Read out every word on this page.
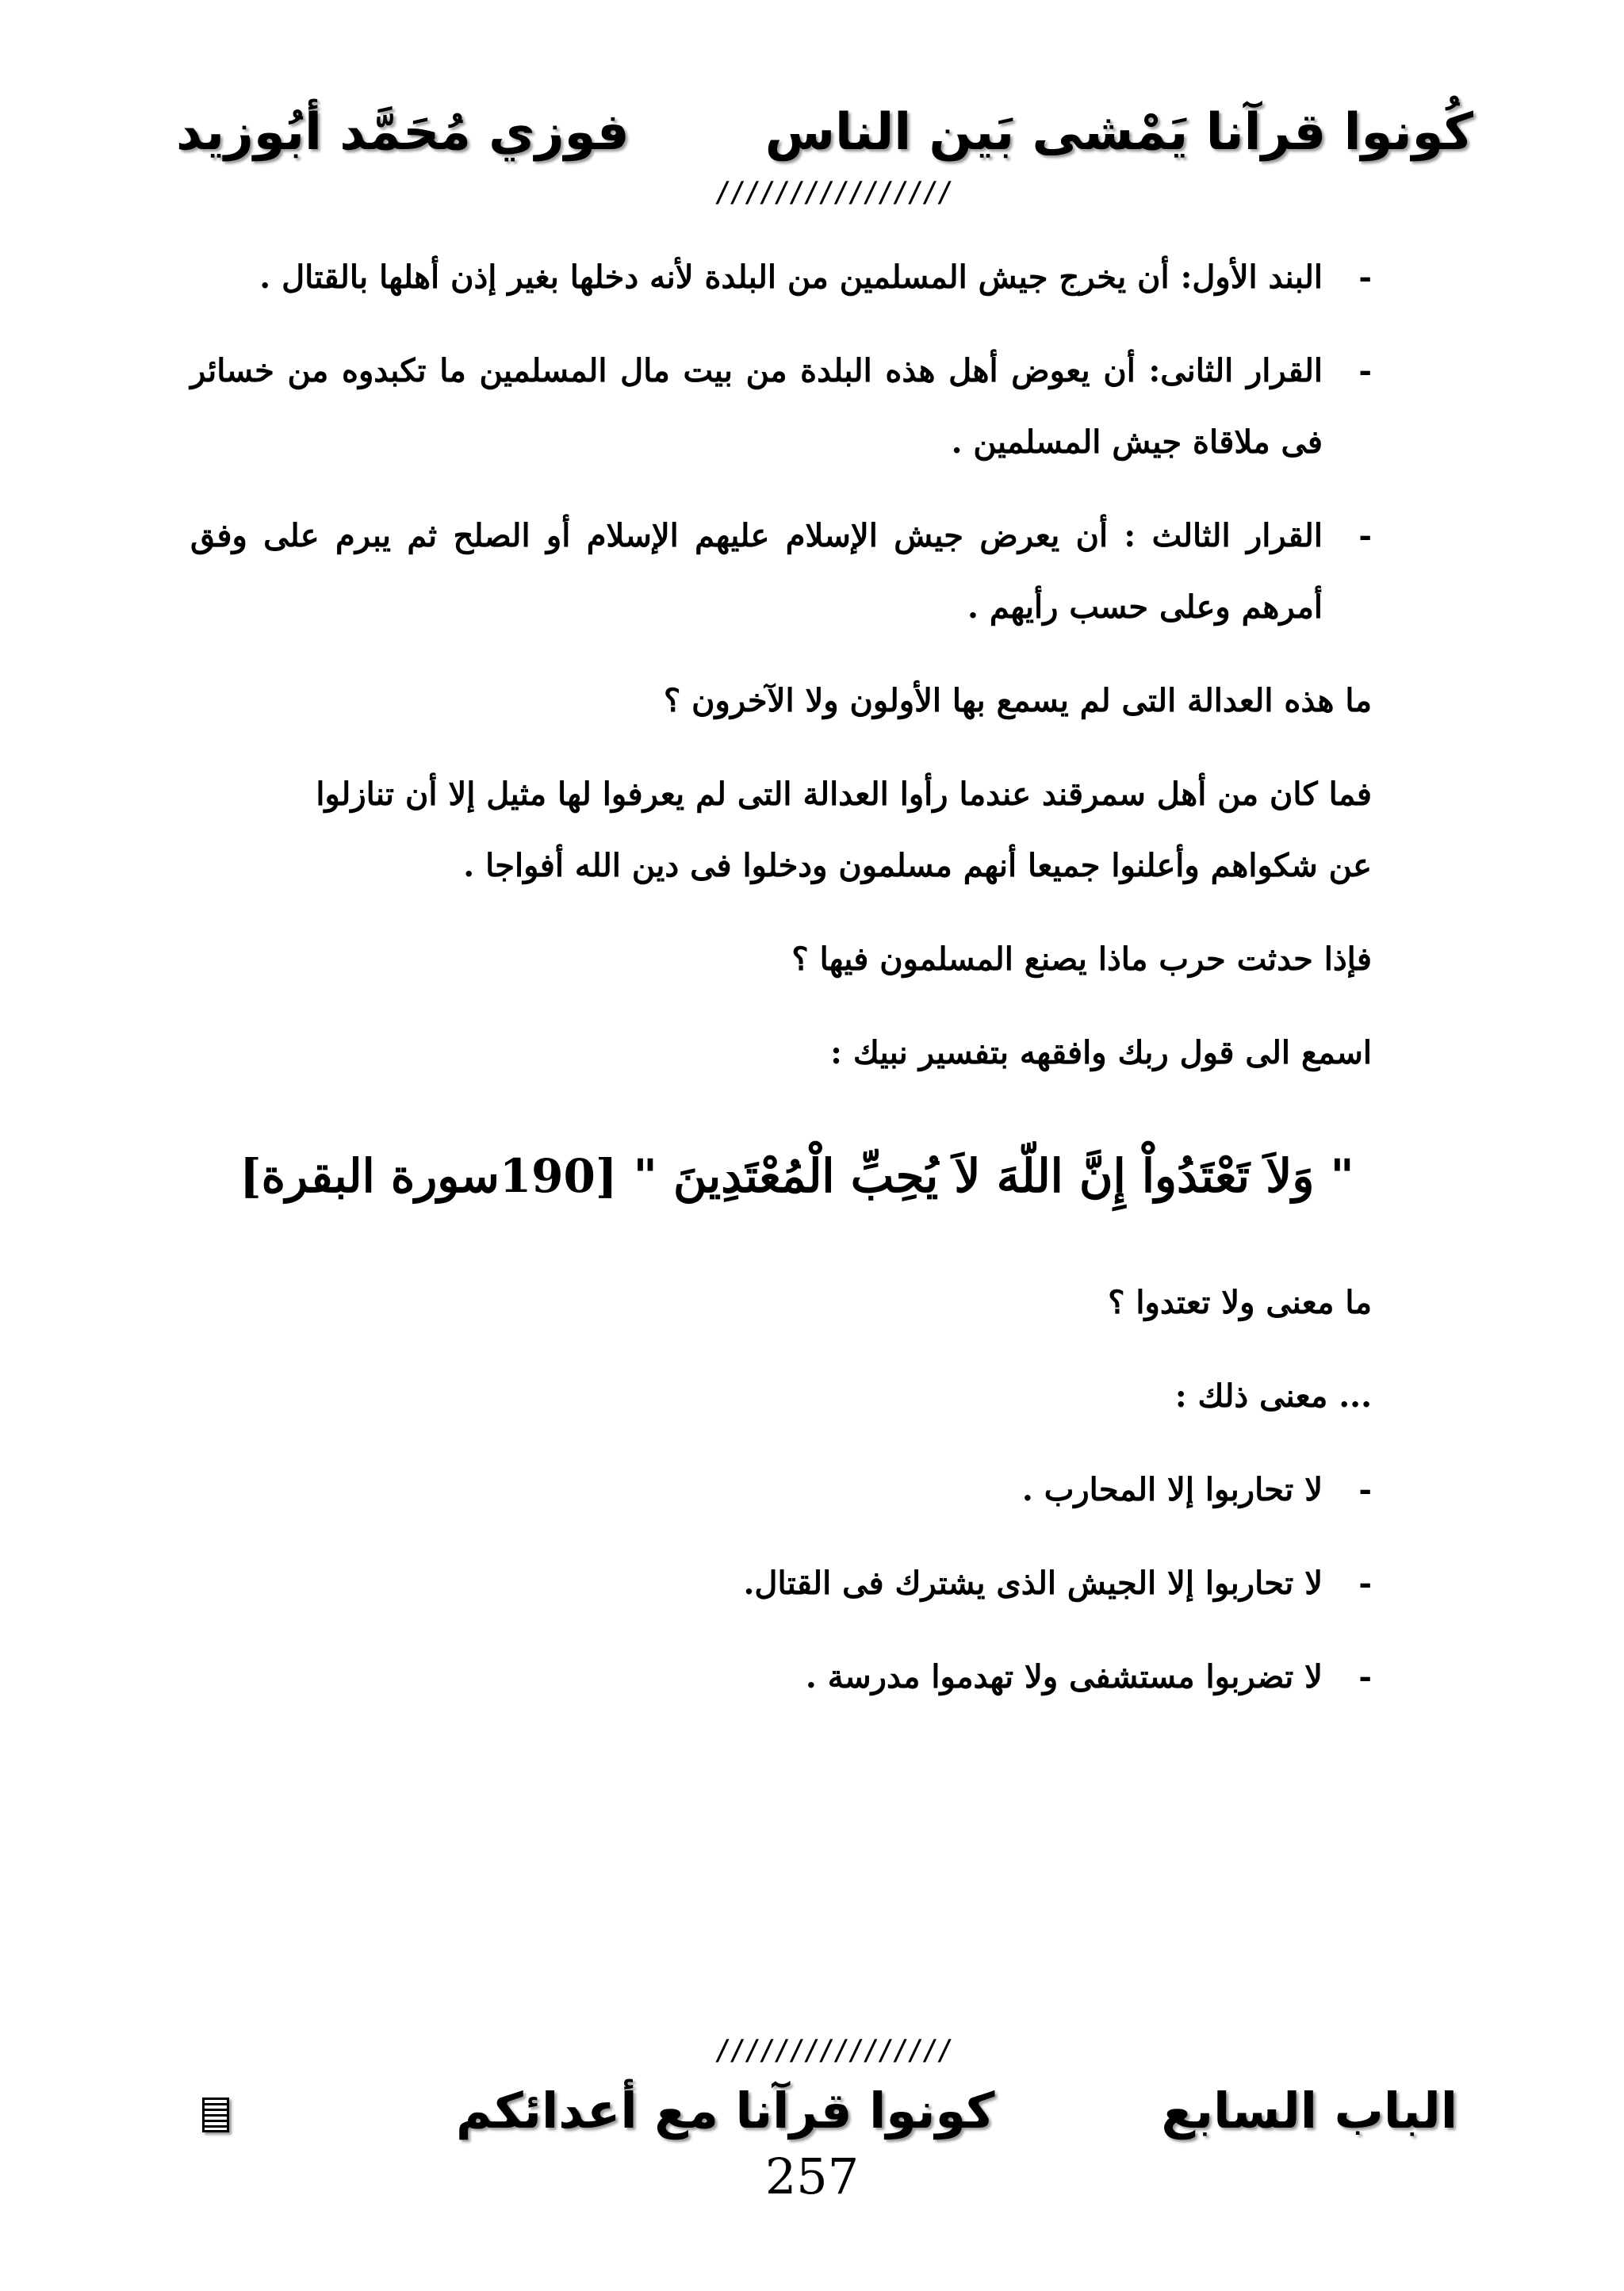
كُونوا قرآنا يَمْشى بَين الناس
فوزي مُحَمَّد أبُوزيد
////////////////
-
البند الأول: أن يخرج جيش المسلمين من البلدة لأنه دخلها بغير إذن أهلها بالقتال .
-
القرار الثانى: أن يعوض أهل هذه البلدة من بيت مال المسلمين ما تكبدوه من خسائر فى ملاقاة جيش المسلمين .
-
القرار الثالث : أن يعرض جيش الإسلام عليهم الإسلام أو الصلح ثم يبرم على وفق أمرهم وعلى حسب رأيهم .
ما هذه العدالة التى لم يسمع بها الأولون ولا الآخرون ؟
فما كان من أهل سمرقند عندما رأوا العدالة التى لم يعرفوا لها مثيل إلا أن تنازلوا
عن شكواهم وأعلنوا جميعا أنهم مسلمون ودخلوا فى دين الله أفواجا .
فإذا حدثت حرب ماذا يصنع المسلمون فيها ؟
اسمع الى قول ربك وافقهه بتفسير نبيك :
" وَلاَ تَعْتَدُواْ إِنَّ اللّهَ لاَ يُحِبِّ الْمُعْتَدِينَ " [190سورة البقرة]
ما معنى ولا تعتدوا ؟
... معنى ذلك :
-
لا تحاربوا إلا المحارب .
-
لا تحاربوا إلا الجيش الذى يشترك فى القتال.
-
لا تضربوا مستشفى ولا تهدموا مدرسة .
////////////////
الباب السابع
كونوا قرآنا مع أعدائكم
257
